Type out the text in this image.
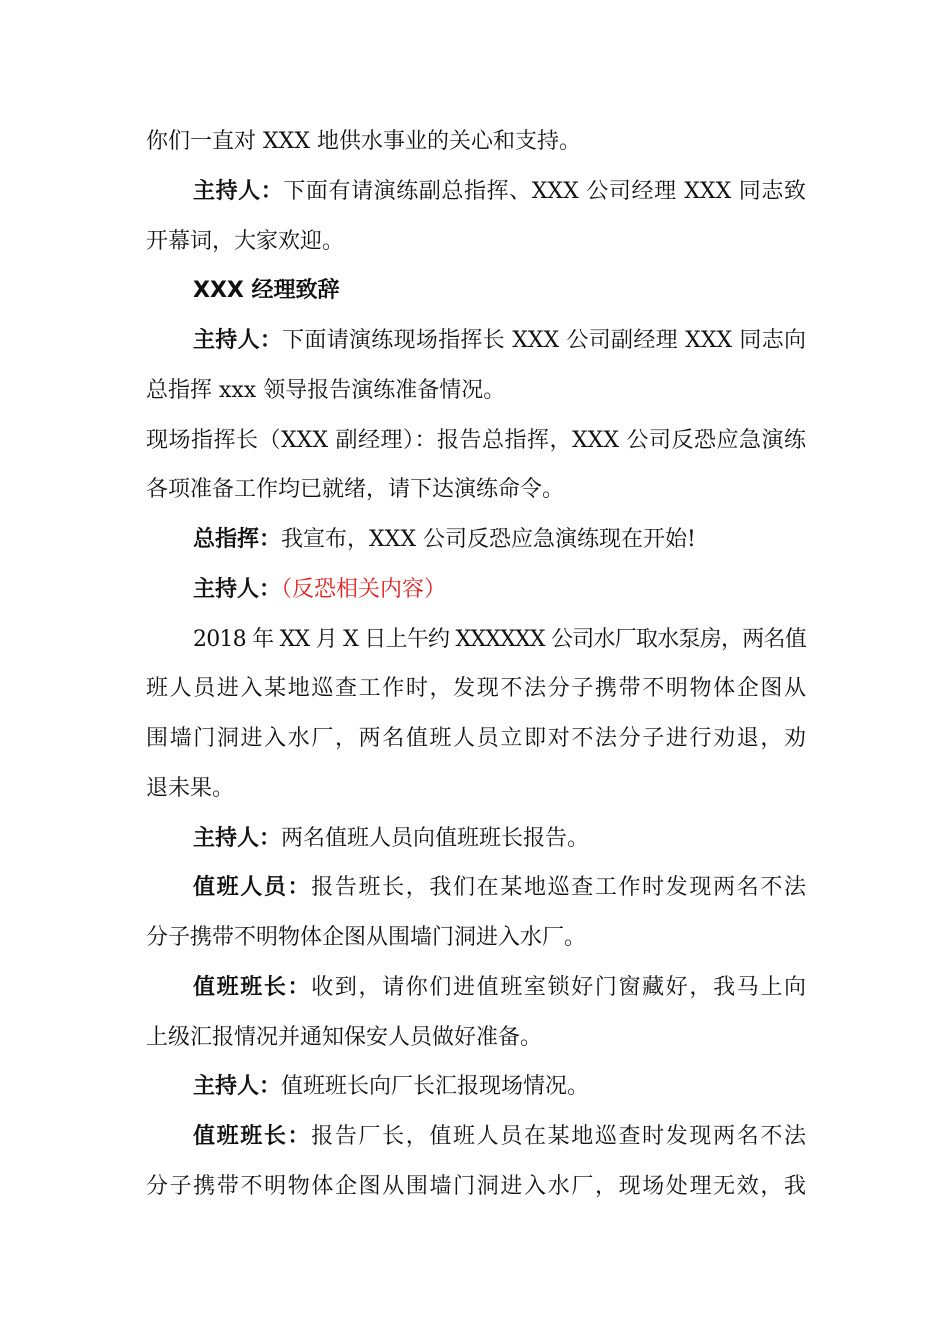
你们一直对 XXX 地供水事业的关心和支持。
主持人：下面有请演练副总指挥、XXX 公司经理 XXX 同志致
开幕词，大家欢迎。
XXX 经理致辞
主持人：下面请演练现场指挥长 XXX 公司副经理 XXX 同志向
总指挥 xxx 领导报告演练准备情况。
现场指挥长（XXX 副经理）：报告总指挥，XXX 公司反恐应急演练
各项准备工作均已就绪，请下达演练命令。
总指挥：我宣布，XXX 公司反恐应急演练现在开始!
主持人：（反恐相关内容）
2018 年 XX 月 X 日上午约 XXXXXX 公司水厂取水泵房，两名值
班人员进入某地巡查工作时，发现不法分子携带不明物体企图从
围墙门洞进入水厂，两名值班人员立即对不法分子进行劝退，劝
退未果。
主持人：两名值班人员向值班班长报告。
值班人员：报告班长，我们在某地巡查工作时发现两名不法
分子携带不明物体企图从围墙门洞进入水厂。
值班班长：收到，请你们进值班室锁好门窗藏好，我马上向
上级汇报情况并通知保安人员做好准备。
主持人：值班班长向厂长汇报现场情况。
值班班长：报告厂长，值班人员在某地巡查时发现两名不法
分子携带不明物体企图从围墙门洞进入水厂，现场处理无效，我
